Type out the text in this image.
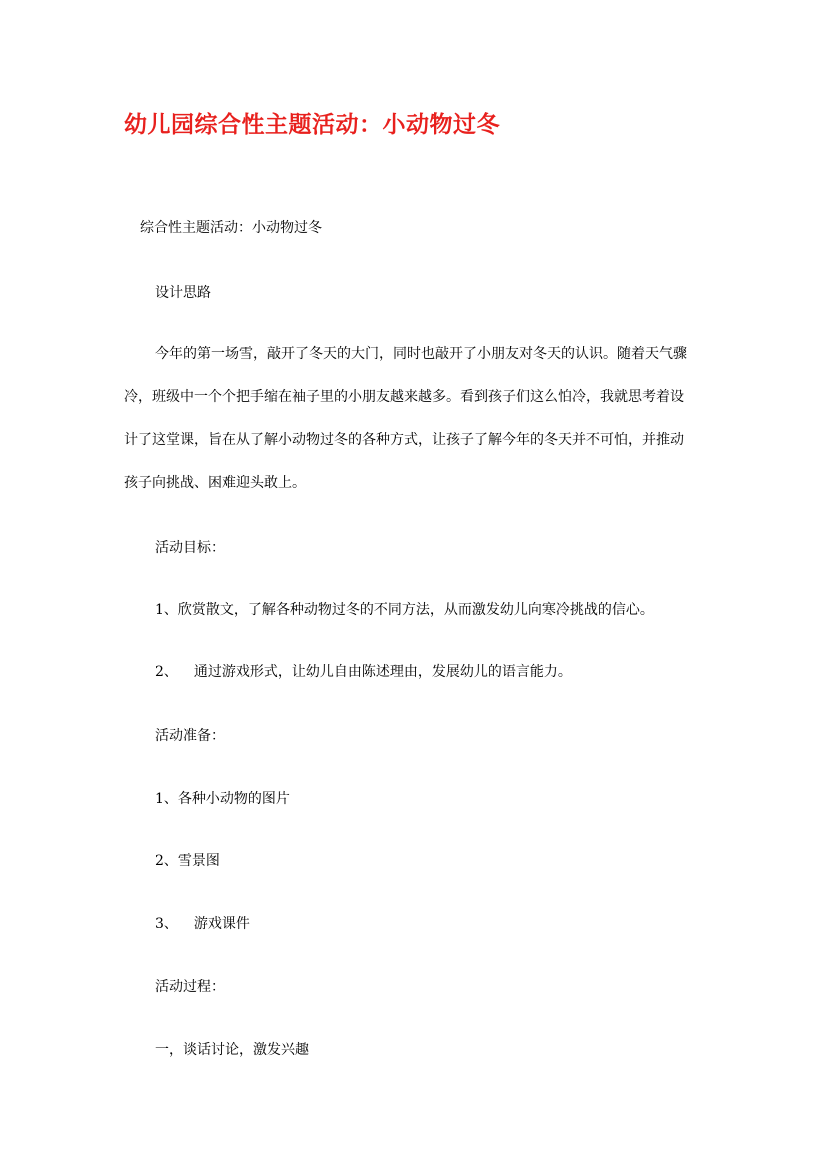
幼儿园综合性主题活动：小动物过冬
综合性主题活动：小动物过冬
设计思路
今年的第一场雪，敲开了冬天的大门，同时也敲开了小朋友对冬天的认识。随着天气骤
冷，班级中一个个把手缩在袖子里的小朋友越来越多。看到孩子们这么怕冷，我就思考着设
计了这堂课，旨在从了解小动物过冬的各种方式，让孩子了解今年的冬天并不可怕，并推动
孩子向挑战、困难迎头敢上。
活动目标：
1、欣赏散文，了解各种动物过冬的不同方法，从而激发幼儿向寒冷挑战的信心。
2、 通过游戏形式，让幼儿自由陈述理由，发展幼儿的语言能力。
活动准备：
1、各种小动物的图片
2、雪景图
3、 游戏课件
活动过程：
一，谈话讨论，激发兴趣
